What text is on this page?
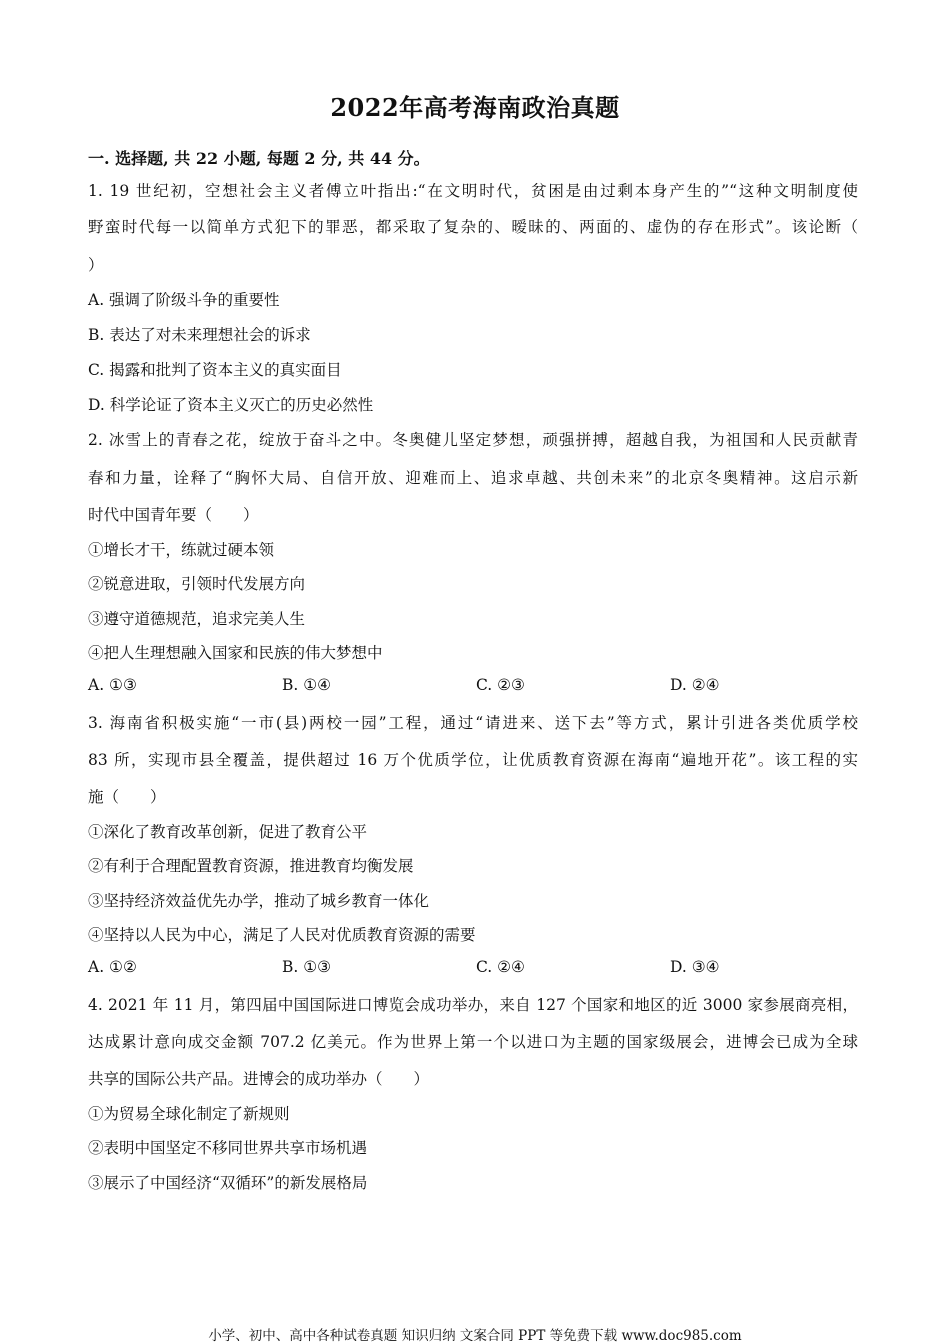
2022年高考海南政治真题
一. 选择题, 共 22 小题, 每题 2 分, 共 44 分。
1. 19 世纪初，空想社会主义者傅立叶指出:“在文明时代，贫困是由过剩本身产生的”“这种文明制度使
野蛮时代每一以简单方式犯下的罪恶，都采取了复杂的、暧昧的、两面的、虚伪的存在形式”。该论断（
）
A. 强调了阶级斗争的重要性
B. 表达了对未来理想社会的诉求
C. 揭露和批判了资本主义的真实面目
D. 科学论证了资本主义灭亡的历史必然性
2. 冰雪上的青春之花，绽放于奋斗之中。冬奥健儿坚定梦想，顽强拼搏，超越自我，为祖国和人民贡献青
春和力量，诠释了“胸怀大局、自信开放、迎难而上、追求卓越、共创未来”的北京冬奥精神。这启示新
时代中国青年要（　　）
①增长才干，练就过硬本领
②锐意进取，引领时代发展方向
③遵守道德规范，追求完美人生
④把人生理想融入国家和民族的伟大梦想中
A. ①③	B. ①④	C. ②③	D. ②④
3. 海南省积极实施“一市(县)两校一园”工程，通过“请进来、送下去”等方式，累计引进各类优质学校
83 所，实现市县全覆盖，提供超过 16 万个优质学位，让优质教育资源在海南“遍地开花”。该工程的实
施（　　）
①深化了教育改革创新，促进了教育公平
②有利于合理配置教育资源，推进教育均衡发展
③坚持经济效益优先办学，推动了城乡教育一体化
④坚持以人民为中心，满足了人民对优质教育资源的需要
A. ①②	B. ①③	C. ②④	D. ③④
4. 2021 年 11 月，第四届中国国际进口博览会成功举办，来自 127 个国家和地区的近 3000 家参展商亮相，
达成累计意向成交金额 707.2 亿美元。作为世界上第一个以进口为主题的国家级展会，进博会已成为全球
共享的国际公共产品。进博会的成功举办（　　）
①为贸易全球化制定了新规则
②表明中国坚定不移同世界共享市场机遇
③展示了中国经济“双循环”的新发展格局
小学、初中、高中各种试卷真题 知识归纳 文案合同 PPT 等免费下载 www.doc985.com
